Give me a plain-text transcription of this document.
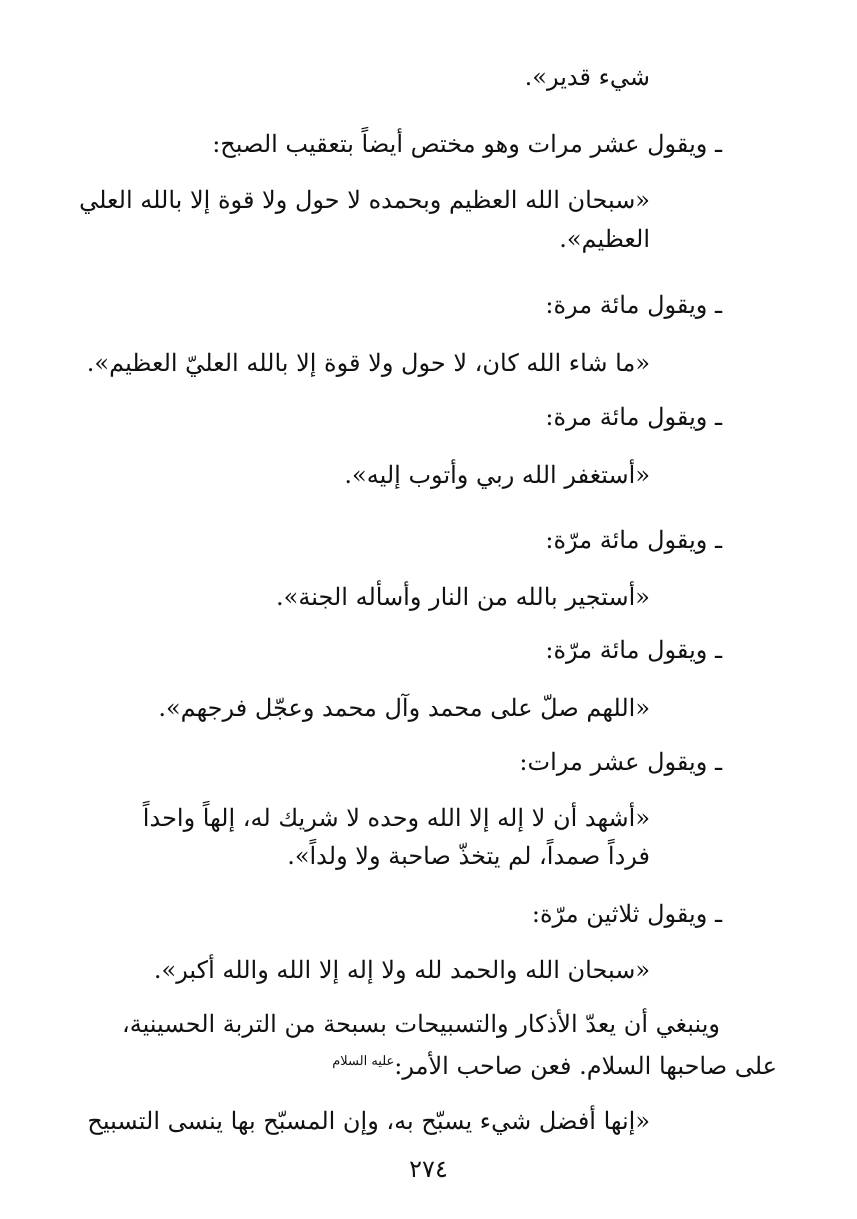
شيء قدير».
ـ ويقول عشر مرات وهو مختص أيضاً بتعقيب الصبح:
«سبحان الله العظيم وبحمده لا حول ولا قوة إلا بالله العلي
العظيم».
ـ ويقول مائة مرة:
«ما شاء الله كان، لا حول ولا قوة إلا بالله العليّ العظيم».
ـ ويقول مائة مرة:
«أستغفر الله ربي وأتوب إليه».
ـ ويقول مائة مرّة:
«أستجير بالله من النار وأسأله الجنة».
ـ ويقول مائة مرّة:
«اللهم صلّ على محمد وآل محمد وعجّل فرجهم».
ـ ويقول عشر مرات:
«أشهد أن لا إله إلا الله وحده لا شريك له، إلهاً واحداً
فرداً صمداً، لم يتخذّ صاحبة ولا ولداً».
ـ ويقول ثلاثين مرّة:
«سبحان الله والحمد لله ولا إله إلا الله والله أكبر».
وينبغي أن يعدّ الأذكار والتسبيحات بسبحة من التربة الحسينية،
على صاحبها السلام. فعن صاحب الأمر:$^{عليه السلام}$
«إنها أفضل شيء يسبّح به، وإن المسبّح بها ينسى التسبيح
٢٧٤
